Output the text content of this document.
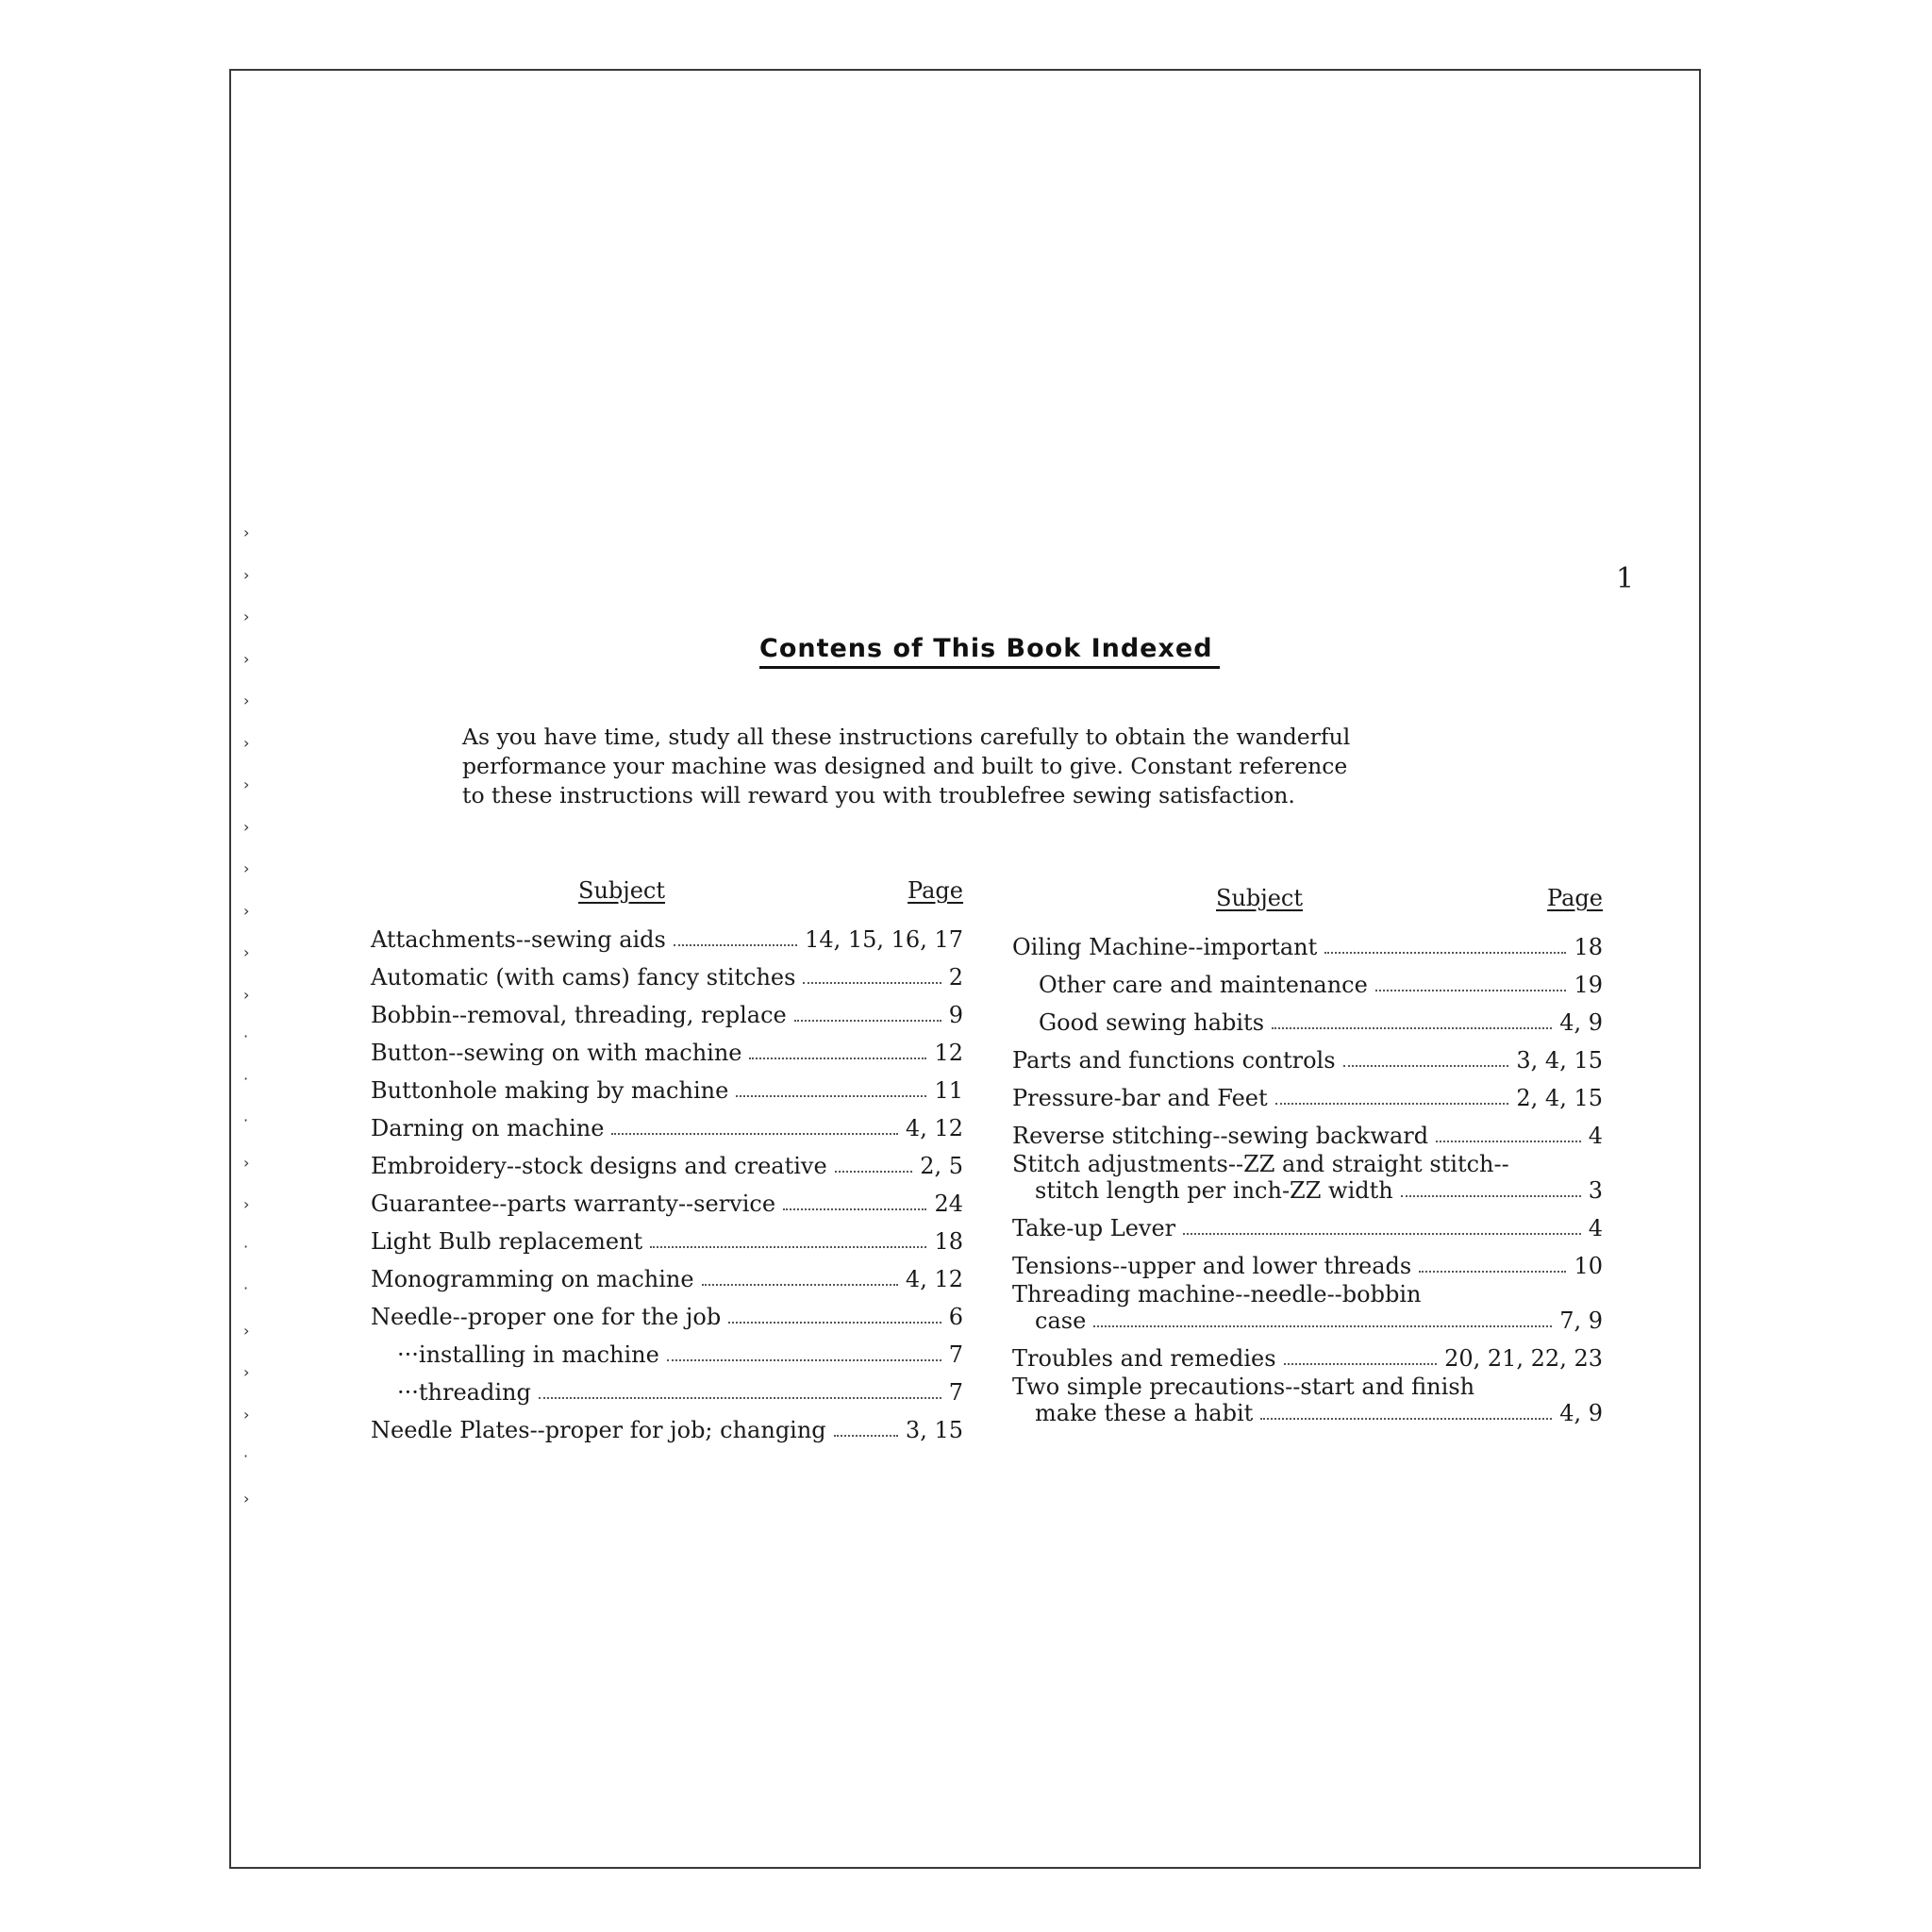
1
Contens of This Book Indexed
As you have time, study all these instructions carefully to obtain the wanderful
performance your machine was designed and built to give. Constant reference
to these instructions will reward you with troublefree sewing satisfaction.
Subject	Page
Attachments--sewing aids	14, 15, 16, 17
Automatic (with cams) fancy stitches	2
Bobbin--removal, threading, replace	9
Button--sewing on with machine	12
Buttonhole making by machine	11
Darning on machine	4, 12
Embroidery--stock designs and creative	2, 5
Guarantee--parts warranty--service	24
Light Bulb replacement	18
Monogramming on machine	4, 12
Needle--proper one for the job	6
···installing in machine	7
···threading	7
Needle Plates--proper for job; changing	3, 15
Subject	Page
Oiling Machine--important	18
Other care and maintenance	19
Good sewing habits	4, 9
Parts and functions controls	3, 4, 15
Pressure-bar and Feet	2, 4, 15
Reverse stitching--sewing backward	4
Stitch adjustments--ZZ and straight stitch--
stitch length per inch-ZZ width	3
Take-up Lever	4
Tensions--upper and lower threads	10
Threading machine--needle--bobbin
case	7, 9
Troubles and remedies	20, 21, 22, 23
Two simple precautions--start and finish
make these a habit	4, 9
›
›
›
›
›
›
›
›
›
›
›
›
·
·
·
›
›
·
·
›
›
›
·
›
